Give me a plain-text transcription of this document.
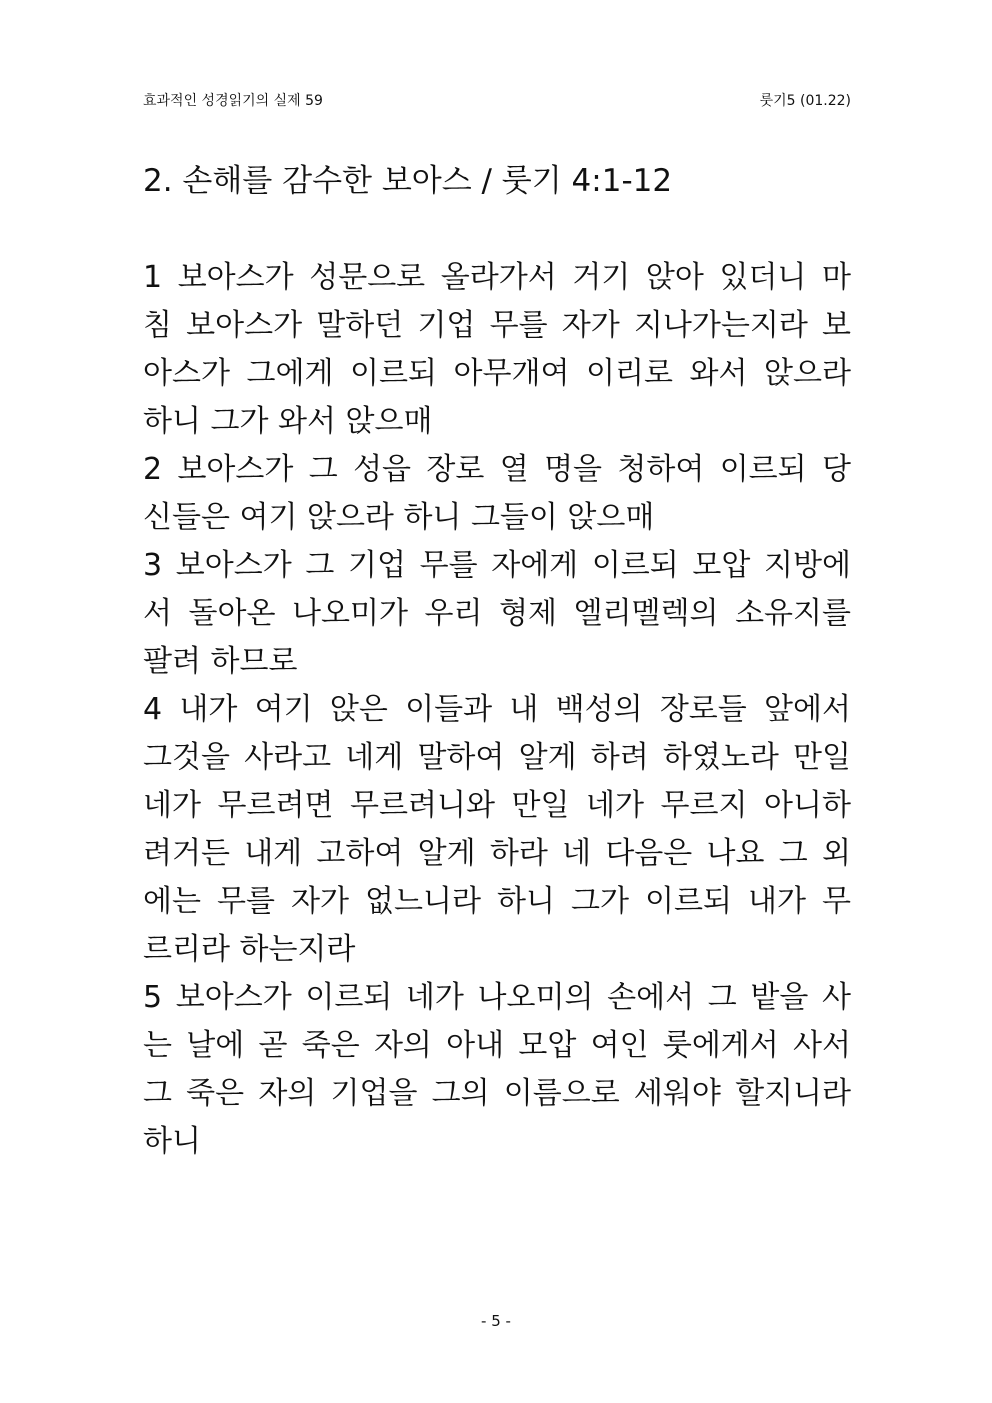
효과적인 성경읽기의 실제 59	룻기5 (01.22)
2. 손해를 감수한 보아스 / 룻기 4:1-12
1 보아스가 성문으로 올라가서 거기 앉아 있더니 마
침 보아스가 말하던 기업 무를 자가 지나가는지라 보
아스가 그에게 이르되 아무개여 이리로 와서 앉으라
하니 그가 와서 앉으매
2 보아스가 그 성읍 장로 열 명을 청하여 이르되 당
신들은 여기 앉으라 하니 그들이 앉으매
3 보아스가 그 기업 무를 자에게 이르되 모압 지방에
서 돌아온 나오미가 우리 형제 엘리멜렉의 소유지를
팔려 하므로
4 내가 여기 앉은 이들과 내 백성의 장로들 앞에서
그것을 사라고 네게 말하여 알게 하려 하였노라 만일
네가 무르려면 무르려니와 만일 네가 무르지 아니하
려거든 내게 고하여 알게 하라 네 다음은 나요 그 외
에는 무를 자가 없느니라 하니 그가 이르되 내가 무
르리라 하는지라
5 보아스가 이르되 네가 나오미의 손에서 그 밭을 사
는 날에 곧 죽은 자의 아내 모압 여인 룻에게서 사서
그 죽은 자의 기업을 그의 이름으로 세워야 할지니라
하니
- 5 -
